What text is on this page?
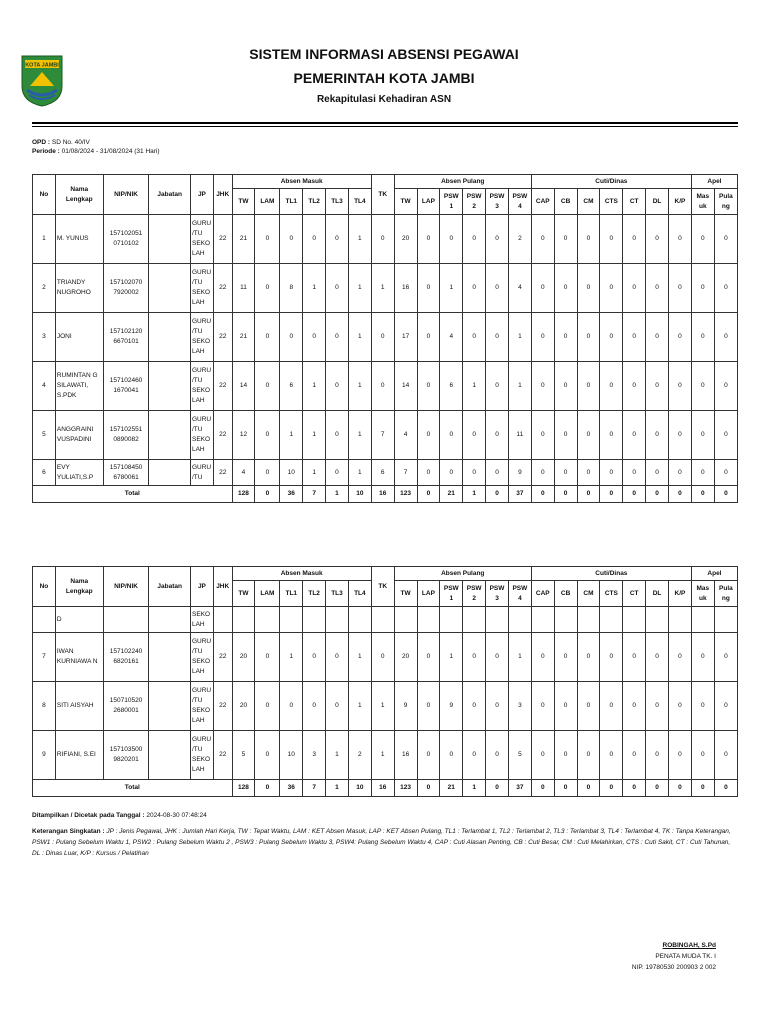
KOTA JAMBI
SISTEM INFORMASI ABSENSI PEGAWAI
PEMERINTAH KOTA JAMBI
Rekapitulasi Kehadiran ASN
OPD : SD No. 40/IV
Periode : 01/08/2024 - 31/08/2024 (31 Hari)
No	Nama Lengkap	NIP/NIK	Jabatan	JP	JHK	Absen Masuk						TK	Absen Pulang						Cuti/Dinas							Apel	
						TW	LAM	TL1	TL2	TL3	TL4		TW	LAP	PSW 1	PSW 2	PSW 3	PSW 4	CAP	CB	CM	CTS	CT	DL	K/P	Mas uk	Pula ng
1	M. YUNUS	157102051 0710102		GURU /TU SEKO LAH	22	21	0	0	0	0	1	0	20	0	0	0	0	2	0	0	0	0	0	0	0	0	0
2	TRIANDY NUGROHO	157102070 7920002		GURU /TU SEKO LAH	22	11	0	8	1	0	1	1	16	0	1	0	0	4	0	0	0	0	0	0	0	0	0
3	JONI	157102120 6670101		GURU /TU SEKO LAH	22	21	0	0	0	0	1	0	17	0	4	0	0	1	0	0	0	0	0	0	0	0	0
4	RUMINTAN G SILAWATI, S.PDK	157102460 1670041		GURU /TU SEKO LAH	22	14	0	6	1	0	1	0	14	0	6	1	0	1	0	0	0	0	0	0	0	0	0
5	ANGGRAINI VUSPADINI	157102551 0890082		GURU /TU SEKO LAH	22	12	0	1	1	0	1	7	4	0	0	0	0	11	0	0	0	0	0	0	0	0	0
6	EVY YULIATI,S.P	157108450 6780061		GURU /TU	22	4	0	10	1	0	1	6	7	0	0	0	0	9	0	0	0	0	0	0	0	0	0
Total						128	0	36	7	1	10	16	123	0	21	1	0	37	0	0	0	0	0	0	0	0	0
No	Nama Lengkap	NIP/NIK	Jabatan	JP	JHK	Absen Masuk						TK	Absen Pulang						Cuti/Dinas							Apel	
						TW	LAM	TL1	TL2	TL3	TL4		TW	LAP	PSW 1	PSW 2	PSW 3	PSW 4	CAP	CB	CM	CTS	CT	DL	K/P	Mas uk	Pula ng
	D			SEKO LAH																							
7	IWAN KURNIAWA N	157102240 6820161		GURU /TU SEKO LAH	22	20	0	1	0	0	1	0	20	0	1	0	0	1	0	0	0	0	0	0	0	0	0
8	SITI AISYAH	150710520 2680001		GURU /TU SEKO LAH	22	20	0	0	0	0	1	1	9	0	9	0	0	3	0	0	0	0	0	0	0	0	0
9	RIFIANI, S.EI	157103500 9820201		GURU /TU SEKO LAH	22	5	0	10	3	1	2	1	16	0	0	0	0	5	0	0	0	0	0	0	0	0	0
Total						128	0	36	7	1	10	16	123	0	21	1	0	37	0	0	0	0	0	0	0	0	0
Ditampilkan / Dicetak pada Tanggal : 2024-08-30 07:48:24
Keterangan Singkatan : JP : Jenis Pegawai, JHK : Jumlah Hari Kerja, TW : Tepat Waktu, LAM : KET Absen Masuk, LAP : KET Absen Pulang, TL1 : Terlambat 1, TL2 : Terlambat 2, TL3 : Terlambat 3, TL4 : Terlambat 4, TK : Tanpa Keterangan, PSW1 : Pulang Sebelum Waktu 1, PSW2 : Pulang Sebelum Waktu 2 , PSW3 : Pulang Sebelum Waktu 3, PSW4: Pulang Sebelum Waktu 4, CAP : Cuti Alasan Penting, CB : Cuti Besar, CM : Cuti Melahirkan, CTS : Cuti Sakit, CT : Cuti Tahunan, DL : Dinas Luar, K/P : Kursus / Pelatihan
ROBINGAH, S.Pd
PENATA MUDA TK. I
NIP. 19780530 200903 2 002
